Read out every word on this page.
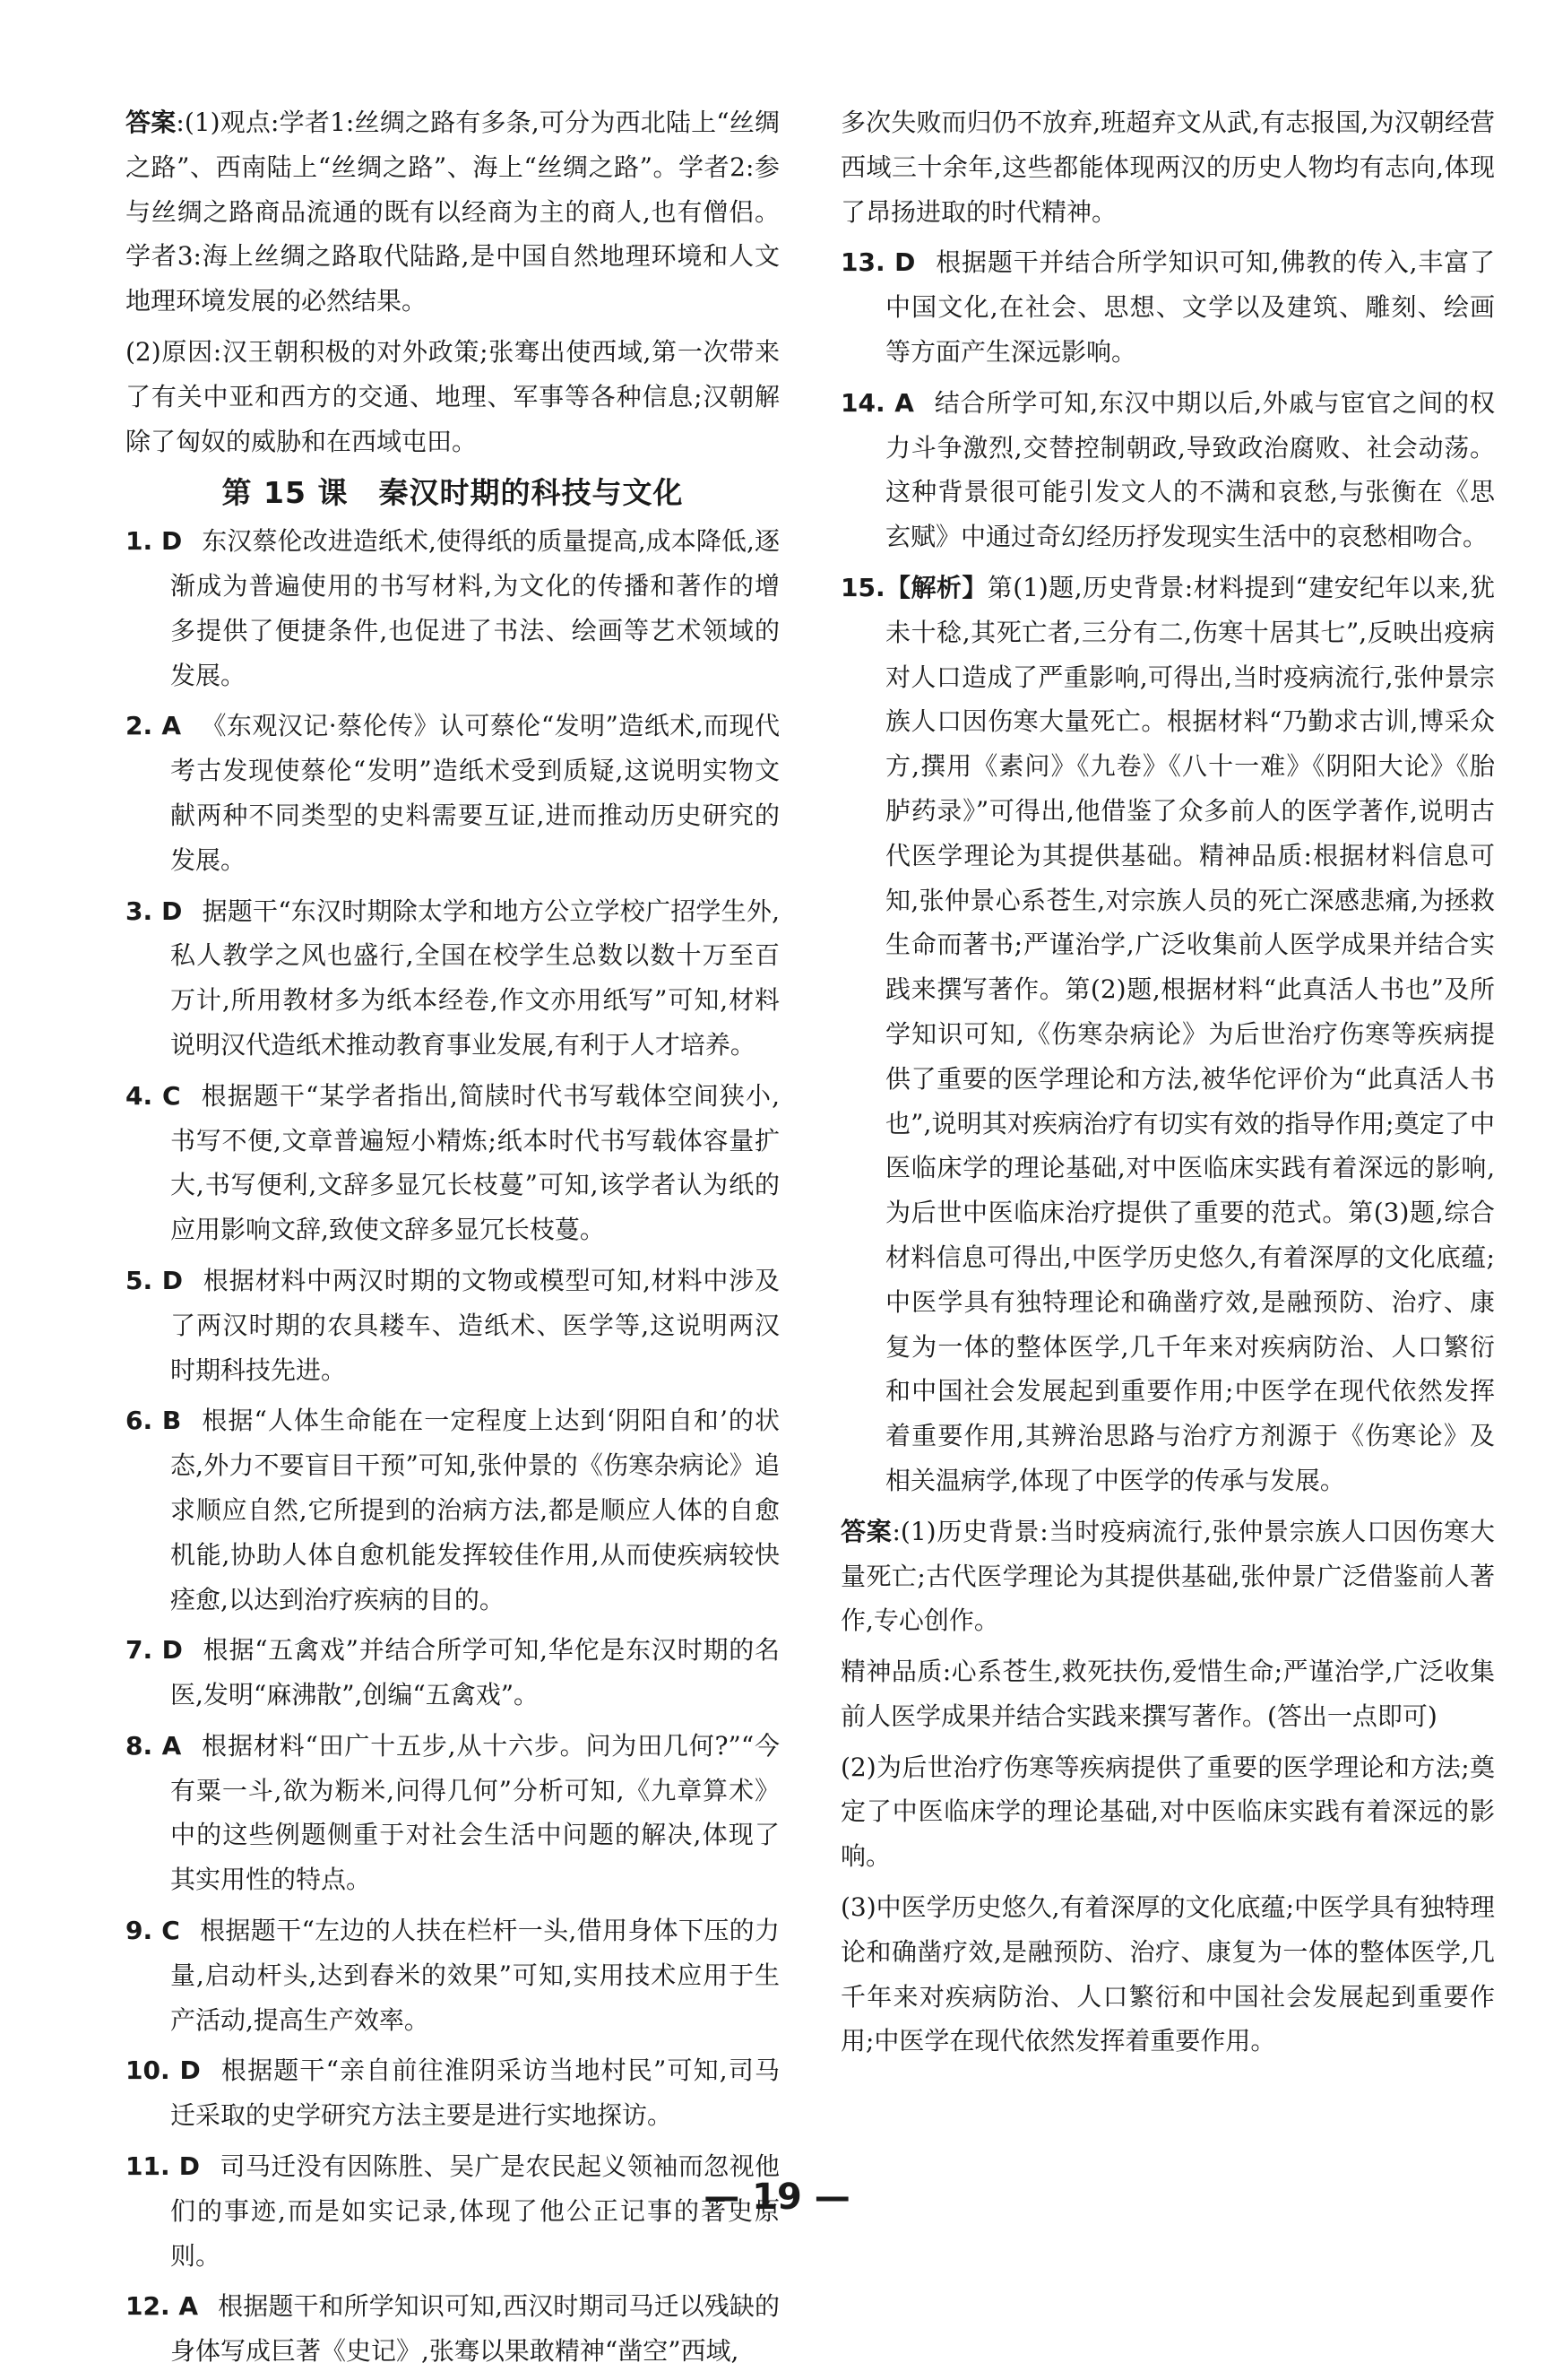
答案:(1)观点:学者1:丝绸之路有多条,可分为西北陆上“丝绸之路”、西南陆上“丝绸之路”、海上“丝绸之路”。学者2:参与丝绸之路商品流通的既有以经商为主的商人,也有僧侣。学者3:海上丝绸之路取代陆路,是中国自然地理环境和人文地理环境发展的必然结果。

(2)原因:汉王朝积极的对外政策;张骞出使西域,第一次带来了有关中亚和西方的交通、地理、军事等各种信息;汉朝解除了匈奴的威胁和在西域屯田。

第 15 课　秦汉时期的科技与文化

1. D 东汉蔡伦改进造纸术,使得纸的质量提高,成本降低,逐渐成为普遍使用的书写材料,为文化的传播和著作的增多提供了便捷条件,也促进了书法、绘画等艺术领域的发展。

2. A 《东观汉记·蔡伦传》认可蔡伦“发明”造纸术,而现代考古发现使蔡伦“发明”造纸术受到质疑,这说明实物文献两种不同类型的史料需要互证,进而推动历史研究的发展。

3. D 据题干“东汉时期除太学和地方公立学校广招学生外,私人教学之风也盛行,全国在校学生总数以数十万至百万计,所用教材多为纸本经卷,作文亦用纸写”可知,材料说明汉代造纸术推动教育事业发展,有利于人才培养。

4. C 根据题干“某学者指出,简牍时代书写载体空间狭小,书写不便,文章普遍短小精炼;纸本时代书写载体容量扩大,书写便利,文辞多显冗长枝蔓”可知,该学者认为纸的应用影响文辞,致使文辞多显冗长枝蔓。

5. D 根据材料中两汉时期的文物或模型可知,材料中涉及了两汉时期的农具耧车、造纸术、医学等,这说明两汉时期科技先进。

6. B 根据“人体生命能在一定程度上达到‘阴阳自和’的状态,外力不要盲目干预”可知,张仲景的《伤寒杂病论》追求顺应自然,它所提到的治病方法,都是顺应人体的自愈机能,协助人体自愈机能发挥较佳作用,从而使疾病较快痊愈,以达到治疗疾病的目的。

7. D 根据“五禽戏”并结合所学可知,华佗是东汉时期的名医,发明“麻沸散”,创编“五禽戏”。

8. A 根据材料“田广十五步,从十六步。问为田几何?”“今有粟一斗,欲为粝米,问得几何”分析可知,《九章算术》中的这些例题侧重于对社会生活中问题的解决,体现了其实用性的特点。

9. C 根据题干“左边的人扶在栏杆一头,借用身体下压的力量,启动杆头,达到舂米的效果”可知,实用技术应用于生产活动,提高生产效率。

10. D 根据题干“亲自前往淮阴采访当地村民”可知,司马迁采取的史学研究方法主要是进行实地探访。

11. D 司马迁没有因陈胜、吴广是农民起义领袖而忽视他们的事迹,而是如实记录,体现了他公正记事的著史原则。

12. A 根据题干和所学知识可知,西汉时期司马迁以残缺的身体写成巨著《史记》,张骞以果敢精神“凿空”西域,

多次失败而归仍不放弃,班超弃文从武,有志报国,为汉朝经营西域三十余年,这些都能体现两汉的历史人物均有志向,体现了昂扬进取的时代精神。

13. D 根据题干并结合所学知识可知,佛教的传入,丰富了中国文化,在社会、思想、文学以及建筑、雕刻、绘画等方面产生深远影响。

14. A 结合所学可知,东汉中期以后,外戚与宦官之间的权力斗争激烈,交替控制朝政,导致政治腐败、社会动荡。这种背景很可能引发文人的不满和哀愁,与张衡在《思玄赋》中通过奇幻经历抒发现实生活中的哀愁相吻合。

15.【解析】第(1)题,历史背景:材料提到“建安纪年以来,犹未十稔,其死亡者,三分有二,伤寒十居其七”,反映出疫病对人口造成了严重影响,可得出,当时疫病流行,张仲景宗族人口因伤寒大量死亡。根据材料“乃勤求古训,博采众方,撰用《素问》《九卷》《八十一难》《阴阳大论》《胎胪药录》”可得出,他借鉴了众多前人的医学著作,说明古代医学理论为其提供基础。精神品质:根据材料信息可知,张仲景心系苍生,对宗族人员的死亡深感悲痛,为拯救生命而著书;严谨治学,广泛收集前人医学成果并结合实践来撰写著作。第(2)题,根据材料“此真活人书也”及所学知识可知,《伤寒杂病论》为后世治疗伤寒等疾病提供了重要的医学理论和方法,被华佗评价为“此真活人书也”,说明其对疾病治疗有切实有效的指导作用;奠定了中医临床学的理论基础,对中医临床实践有着深远的影响,为后世中医临床治疗提供了重要的范式。第(3)题,综合材料信息可得出,中医学历史悠久,有着深厚的文化底蕴;中医学具有独特理论和确凿疗效,是融预防、治疗、康复为一体的整体医学,几千年来对疾病防治、人口繁衍和中国社会发展起到重要作用;中医学在现代依然发挥着重要作用,其辨治思路与治疗方剂源于《伤寒论》及相关温病学,体现了中医学的传承与发展。

答案:(1)历史背景:当时疫病流行,张仲景宗族人口因伤寒大量死亡;古代医学理论为其提供基础,张仲景广泛借鉴前人著作,专心创作。

精神品质:心系苍生,救死扶伤,爱惜生命;严谨治学,广泛收集前人医学成果并结合实践来撰写著作。(答出一点即可)

(2)为后世治疗伤寒等疾病提供了重要的医学理论和方法;奠定了中医临床学的理论基础,对中医临床实践有着深远的影响。

(3)中医学历史悠久,有着深厚的文化底蕴;中医学具有独特理论和确凿疗效,是融预防、治疗、康复为一体的整体医学,几千年来对疾病防治、人口繁衍和中国社会发展起到重要作用;中医学在现代依然发挥着重要作用。

— 19 —
